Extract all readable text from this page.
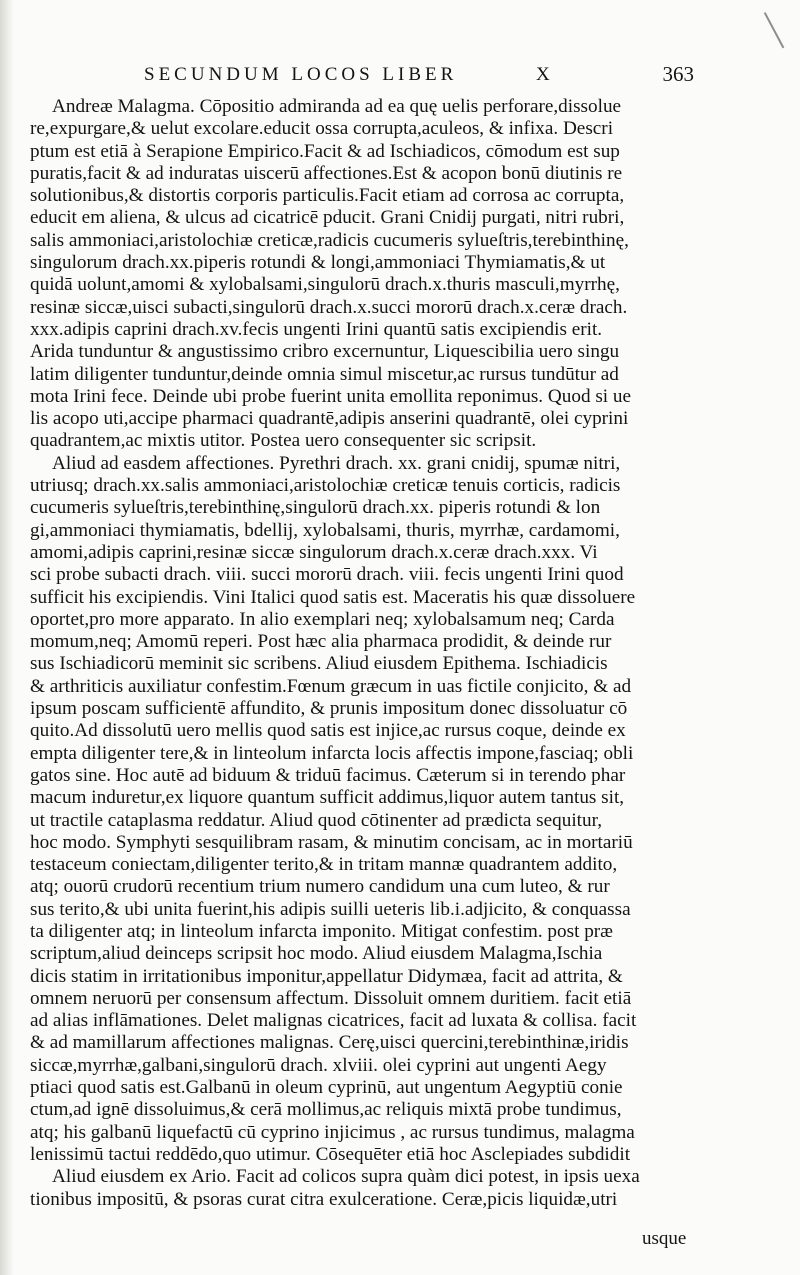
SECUNDUM LOCOS LIBER	X	363
Andreæ Malagma. Cōpositio admiranda ad ea quę uelis perforare,dissolue
re,expurgare,& uelut excolare.educit ossa corrupta,aculeos, & infixa. Descri
ptum est etiā à Serapione Empirico.Facit & ad Ischiadicos, cōmodum est sup
puratis,facit & ad induratas uiscerū affectiones.Est & acopon bonū diutinis re
solutionibus,& distortis corporis particulis.Facit etiam ad corrosa ac corrupta,
educit em aliena, & ulcus ad cicatricē pducit. Grani Cnidij purgati, nitri rubri,
salis ammoniaci,aristolochiæ creticæ,radicis cucumeris sylueſtris,terebinthinę,
singulorum drach.xx.piperis rotundi & longi,ammoniaci Thymiamatis,& ut
quidā uolunt,amomi & xylobalsami,singulorū drach.x.thuris masculi,myrrhę,
resinæ siccæ,uisci subacti,singulorū drach.x.succi mororū drach.x.ceræ drach.
xxx.adipis caprini drach.xv.fecis ungenti Irini quantū satis excipiendis erit.
Arida tunduntur & angustissimo cribro excernuntur, Liquescibilia uero singu
latim diligenter tunduntur,deinde omnia simul miscetur,ac rursus tundūtur ad
mota Irini fece. Deinde ubi probe fuerint unita emollita reponimus. Quod si ue
lis acopo uti,accipe pharmaci quadrantē,adipis anserini quadrantē, olei cyprini
quadrantem,ac mixtis utitor. Postea uero consequenter sic scripsit.
Aliud ad easdem affectiones. Pyrethri drach. xx. grani cnidij, spumæ nitri,
utriusq; drach.xx.salis ammoniaci,aristolochiæ creticæ tenuis corticis, radicis
cucumeris sylueſtris,terebinthinę,singulorū drach.xx. piperis rotundi & lon
gi,ammoniaci thymiamatis, bdellij, xylobalsami, thuris, myrrhæ, cardamomi,
amomi,adipis caprini,resinæ siccæ singulorum drach.x.ceræ drach.xxx. Vi
sci probe subacti drach. viii. succi mororū drach. viii. fecis ungenti Irini quod
sufficit his excipiendis. Vini Italici quod satis est. Maceratis his quæ dissoluere
oportet,pro more apparato. In alio exemplari neq; xylobalsamum neq; Carda
momum,neq; Amomū reperi. Post hæc alia pharmaca prodidit, & deinde rur
sus Ischiadicorū meminit sic scribens. Aliud eiusdem Epithema. Ischiadicis
& arthriticis auxiliatur confestim.Fœnum græcum in uas fictile conjicito, & ad
ipsum poscam sufficientē affundito, & prunis impositum donec dissoluatur cō
quito.Ad dissolutū uero mellis quod satis est injice,ac rursus coque, deinde ex
empta diligenter tere,& in linteolum infarcta locis affectis impone,fasciaq; obli
gatos sine. Hoc autē ad biduum & triduū facimus. Cæterum si in terendo phar
macum induretur,ex liquore quantum sufficit addimus,liquor autem tantus sit,
ut tractile cataplasma reddatur. Aliud quod cōtinenter ad prædicta sequitur,
hoc modo. Symphyti sesquilibram rasam, & minutim concisam, ac in mortariū
testaceum coniectam,diligenter terito,& in tritam mannæ quadrantem addito,
atq; ouorū crudorū recentium trium numero candidum una cum luteo, & rur
sus terito,& ubi unita fuerint,his adipis suilli ueteris lib.i.adjicito, & conquassa
ta diligenter atq; in linteolum infarcta imponito. Mitigat confestim. post præ
scriptum,aliud deinceps scripsit hoc modo. Aliud eiusdem Malagma,Ischia
dicis statim in irritationibus imponitur,appellatur Didymæa, facit ad attrita, &
omnem neruorū per consensum affectum. Dissoluit omnem duritiem. facit etiā
ad alias inflāmationes. Delet malignas cicatrices, facit ad luxata & collisa. facit
& ad mamillarum affectiones malignas. Cerę,uisci quercini,terebinthinæ,iridis
siccæ,myrrhæ,galbani,singulorū drach. xlviii. olei cyprini aut ungenti Aegy
ptiaci quod satis est.Galbanū in oleum cyprinū, aut ungentum Aegyptiū conie
ctum,ad ignē dissoluimus,& cerā mollimus,ac reliquis mixtā probe tundimus,
atq; his galbanū liquefactū cū cyprino injicimus , ac rursus tundimus, malagma
lenissimū tactui reddēdo,quo utimur. Cōsequēter etiā hoc Asclepiades subdidit
Aliud eiusdem ex Ario. Facit ad colicos supra quàm dici potest, in ipsis uexa
tionibus impositū, & psoras curat citra exulceratione. Ceræ,picis liquidæ,utri
usque
